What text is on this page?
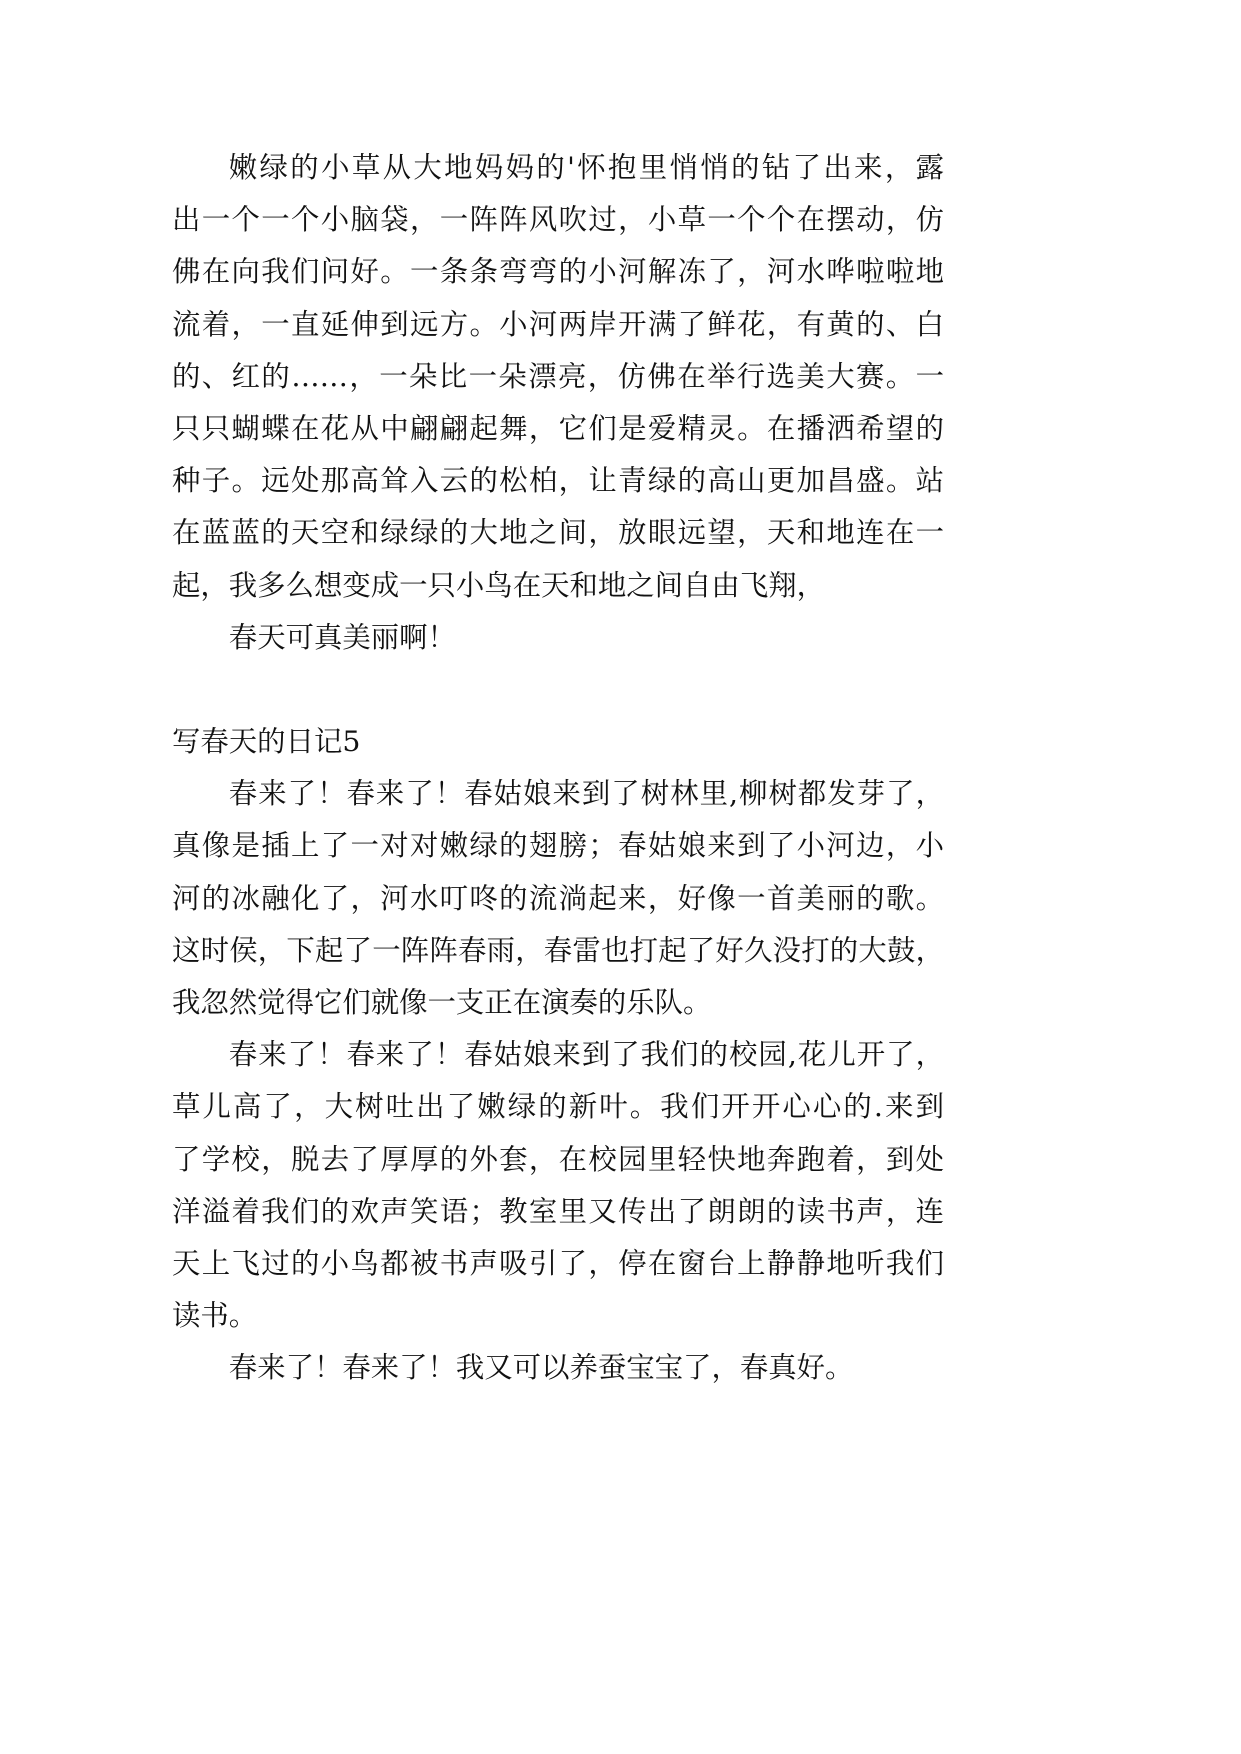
嫩绿的小草从大地妈妈的'怀抱里悄悄的钻了出来，露
出一个一个小脑袋，一阵阵风吹过，小草一个个在摆动，仿
佛在向我们问好。一条条弯弯的小河解冻了，河水哗啦啦地
流着，一直延伸到远方。小河两岸开满了鲜花，有黄的、白
的、红的……，一朵比一朵漂亮，仿佛在举行选美大赛。一
只只蝴蝶在花从中翩翩起舞，它们是爱精灵。在播洒希望的
种子。远处那高耸入云的松柏，让青绿的高山更加昌盛。站
在蓝蓝的天空和绿绿的大地之间，放眼远望，天和地连在一
起，我多么想变成一只小鸟在天和地之间自由飞翔，
春天可真美丽啊！
写春天的日记5
春来了！春来了！春姑娘来到了树林里,柳树都发芽了，
真像是插上了一对对嫩绿的翅膀；春姑娘来到了小河边，小
河的冰融化了，河水叮咚的流淌起来，好像一首美丽的歌。
这时侯，下起了一阵阵春雨，春雷也打起了好久没打的大鼓，
我忽然觉得它们就像一支正在演奏的乐队。
春来了！春来了！春姑娘来到了我们的校园,花儿开了，
草儿高了，大树吐出了嫩绿的新叶。我们开开心心的.来到
了学校，脱去了厚厚的外套，在校园里轻快地奔跑着，到处
洋溢着我们的欢声笑语；教室里又传出了朗朗的读书声，连
天上飞过的小鸟都被书声吸引了，停在窗台上静静地听我们
读书。
春来了！春来了！我又可以养蚕宝宝了，春真好。
